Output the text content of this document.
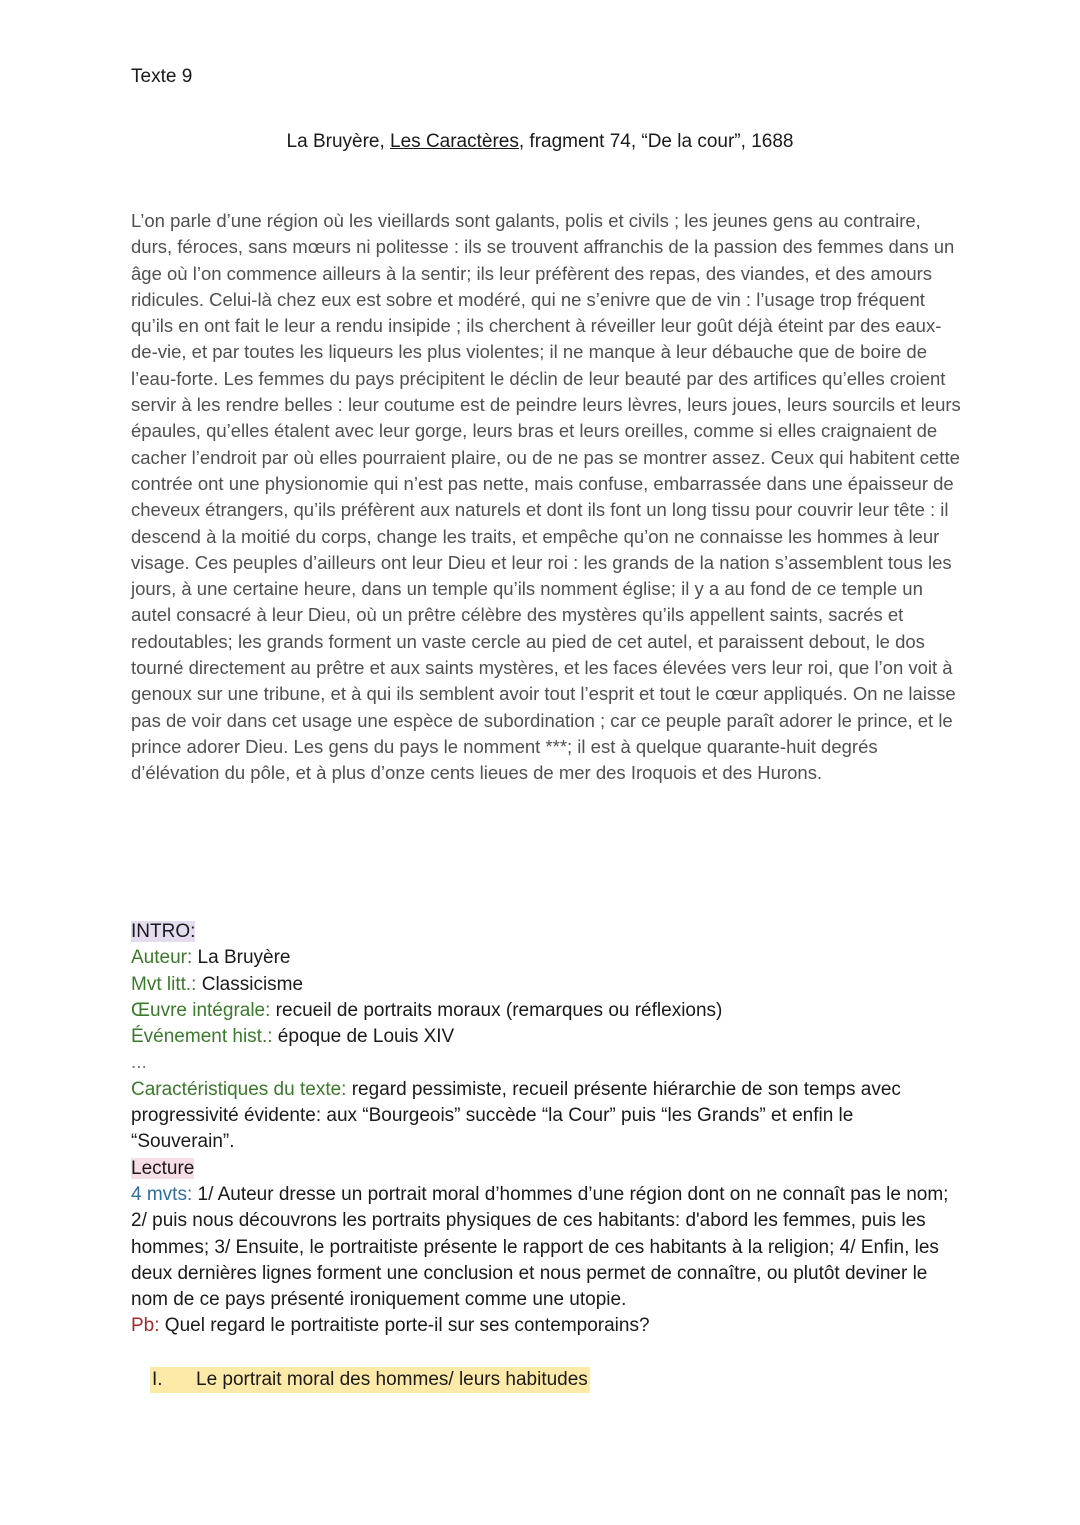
Texte 9
La Bruyère, Les Caractères, fragment 74, “De la cour”, 1688

L’on parle d’une région où les vieillards sont galants, polis et civils ; les jeunes gens au contraire, durs, féroces, sans mœurs ni politesse : ils se trouvent affranchis de la passion des femmes dans un âge où l’on commence ailleurs à la sentir; ils leur préfèrent des repas, des viandes, et des amours ridicules. Celui-là chez eux est sobre et modéré, qui ne s’enivre que de vin : l’usage trop fréquent qu’ils en ont fait le leur a rendu insipide ; ils cherchent à réveiller leur goût déjà éteint par des eaux-de-vie, et par toutes les liqueurs les plus violentes; il ne manque à leur débauche que de boire de l’eau-forte. Les femmes du pays précipitent le déclin de leur beauté par des artifices qu’elles croient servir à les rendre belles : leur coutume est de peindre leurs lèvres, leurs joues, leurs sourcils et leurs épaules, qu’elles étalent avec leur gorge, leurs bras et leurs oreilles, comme si elles craignaient de cacher l’endroit par où elles pourraient plaire, ou de ne pas se montrer assez. Ceux qui habitent cette contrée ont une physionomie qui n’est pas nette, mais confuse, embarrassée dans une épaisseur de cheveux étrangers, qu’ils préfèrent aux naturels et dont ils font un long tissu pour couvrir leur tête : il descend à la moitié du corps, change les traits, et empêche qu’on ne connaisse les hommes à leur visage. Ces peuples d’ailleurs ont leur Dieu et leur roi : les grands de la nation s’assemblent tous les jours, à une certaine heure, dans un temple qu’ils nomment église; il y a au fond de ce temple un autel consacré à leur Dieu, où un prêtre célèbre des mystères qu’ils appellent saints, sacrés et redoutables; les grands forment un vaste cercle au pied de cet autel, et paraissent debout, le dos tourné directement au prêtre et aux saints mystères, et les faces élevées vers leur roi, que l’on voit à genoux sur une tribune, et à qui ils semblent avoir tout l’esprit et tout le cœur appliqués. On ne laisse pas de voir dans cet usage une espèce de subordination ; car ce peuple paraît adorer le prince, et le prince adorer Dieu. Les gens du pays le nomment ***; il est à quelque quarante-huit degrés d’élévation du pôle, et à plus d’onze cents lieues de mer des Iroquois et des Hurons.

INTRO:

Auteur: La Bruyère

Mvt litt.: Classicisme

Œuvre intégrale: recueil de portraits moraux (remarques ou réflexions)

Événement hist.: époque de Louis XIV

...

Caractéristiques du texte: regard pessimiste, recueil présente hiérarchie de son temps avec progressivité évidente: aux “Bourgeois” succède “la Cour” puis “les Grands” et enfin le “Souverain”.

Lecture

4 mvts: 1/ Auteur dresse un portrait moral d’hommes d’une région dont on ne connaît pas le nom; 2/ puis nous découvrons les portraits physiques de ces habitants: d'abord les femmes, puis les hommes; 3/ Ensuite, le portraitiste présente le rapport de ces habitants à la religion; 4/ Enfin, les deux dernières lignes forment une conclusion et nous permet de connaître, ou plutôt deviner le nom de ce pays présenté ironiquement comme une utopie.

Pb: Quel regard le portraitiste porte-il sur ses contemporains?

I. Le portrait moral des hommes/ leurs habitudes
